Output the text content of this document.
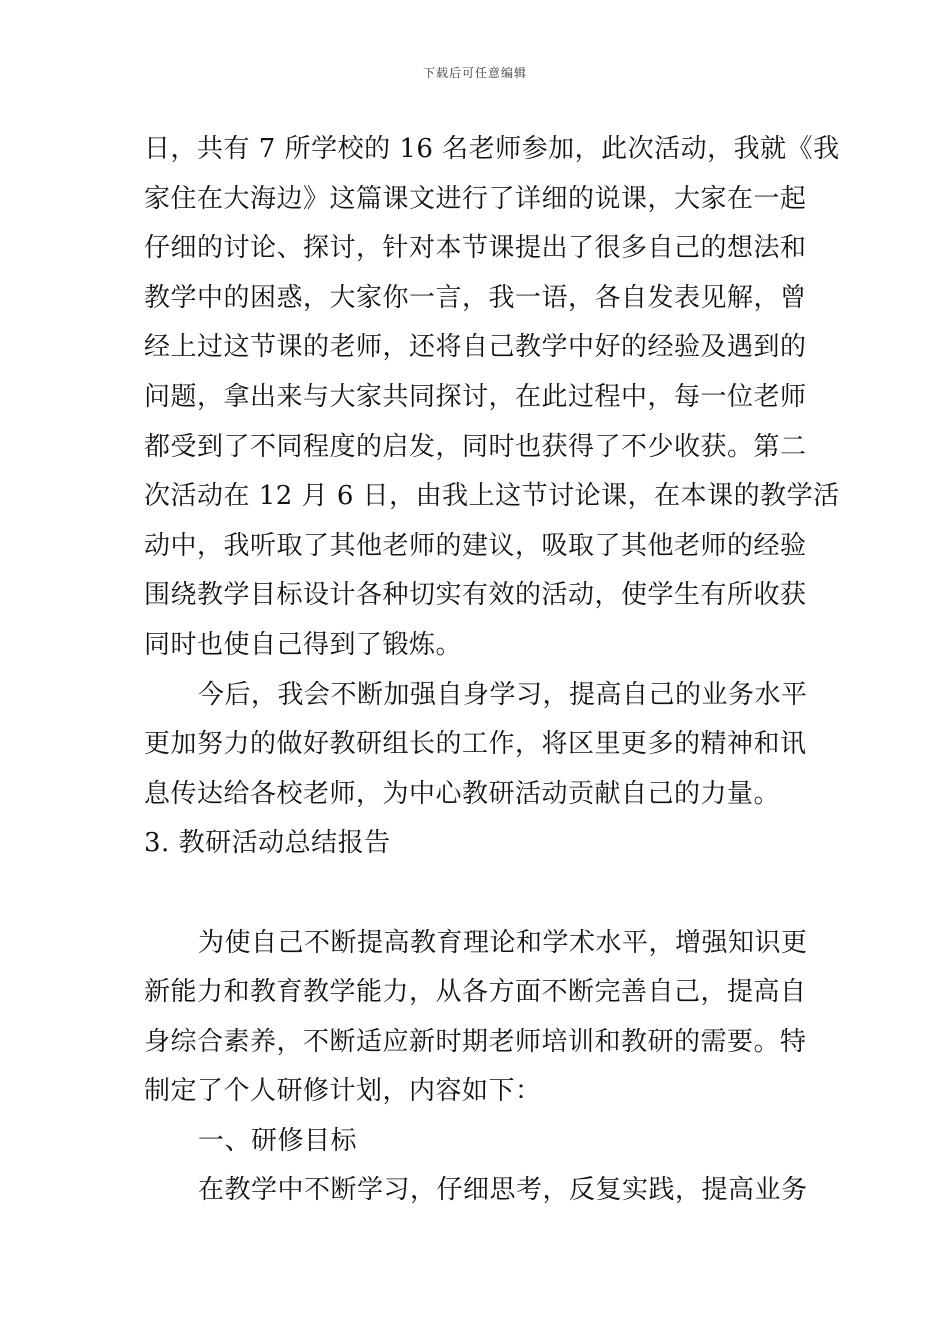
下载后可任意编辑
日，共有 7 所学校的 16 名老师参加，此次活动，我就《我
家住在大海边》这篇课文进行了详细的说课，大家在一起
仔细的讨论、探讨，针对本节课提出了很多自己的想法和
教学中的困惑，大家你一言，我一语，各自发表见解，曾
经上过这节课的老师，还将自己教学中好的经验及遇到的
问题，拿出来与大家共同探讨，在此过程中，每一位老师
都受到了不同程度的启发，同时也获得了不少收获。第二
次活动在 12 月 6 日，由我上这节讨论课，在本课的教学活
动中，我听取了其他老师的建议，吸取了其他老师的经验
围绕教学目标设计各种切实有效的活动，使学生有所收获
同时也使自己得到了锻炼。
今后，我会不断加强自身学习，提高自己的业务水平
更加努力的做好教研组长的工作，将区里更多的精神和讯
息传达给各校老师，为中心教研活动贡献自己的力量。
3. 教研活动总结报告
为使自己不断提高教育理论和学术水平，增强知识更
新能力和教育教学能力，从各方面不断完善自己，提高自
身综合素养，不断适应新时期老师培训和教研的需要。特
制定了个人研修计划，内容如下：
一、研修目标
在教学中不断学习，仔细思考，反复实践，提高业务
